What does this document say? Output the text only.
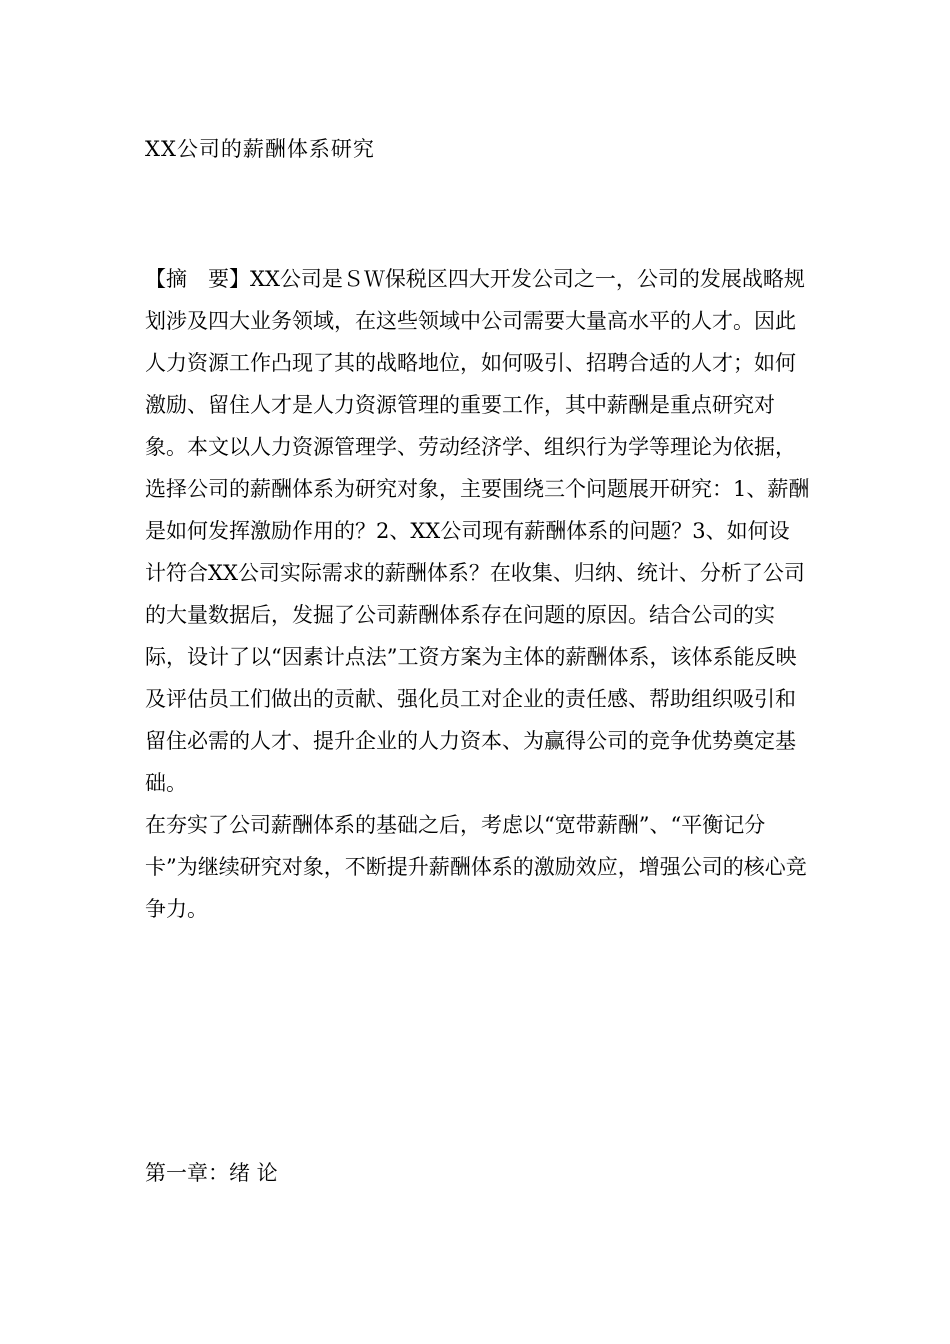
XX公司的薪酬体系研究

【摘　要】XX公司是ＳＷ保税区四大开发公司之一，公司的发展战略规划涉及四大业务领域，在这些领域中公司需要大量高水平的人才。因此人力资源工作凸现了其的战略地位，如何吸引、招聘合适的人才；如何激励、留住人才是人力资源管理的重要工作，其中薪酬是重点研究对象。本文以人力资源管理学、劳动经济学、组织行为学等理论为依据，选择公司的薪酬体系为研究对象，主要围绕三个问题展开研究：1、薪酬是如何发挥激励作用的？2、XX公司现有薪酬体系的问题？3、如何设计符合XX公司实际需求的薪酬体系？在收集、归纳、统计、分析了公司的大量数据后，发掘了公司薪酬体系存在问题的原因。结合公司的实际，设计了以“因素计点法”工资方案为主体的薪酬体系，该体系能反映及评估员工们做出的贡献、强化员工对企业的责任感、帮助组织吸引和留住必需的人才、提升企业的人力资本、为赢得公司的竞争优势奠定基础。

在夯实了公司薪酬体系的基础之后，考虑以“宽带薪酬”、“平衡记分卡”为继续研究对象，不断提升薪酬体系的激励效应，增强公司的核心竞争力。

第一章：绪 论
